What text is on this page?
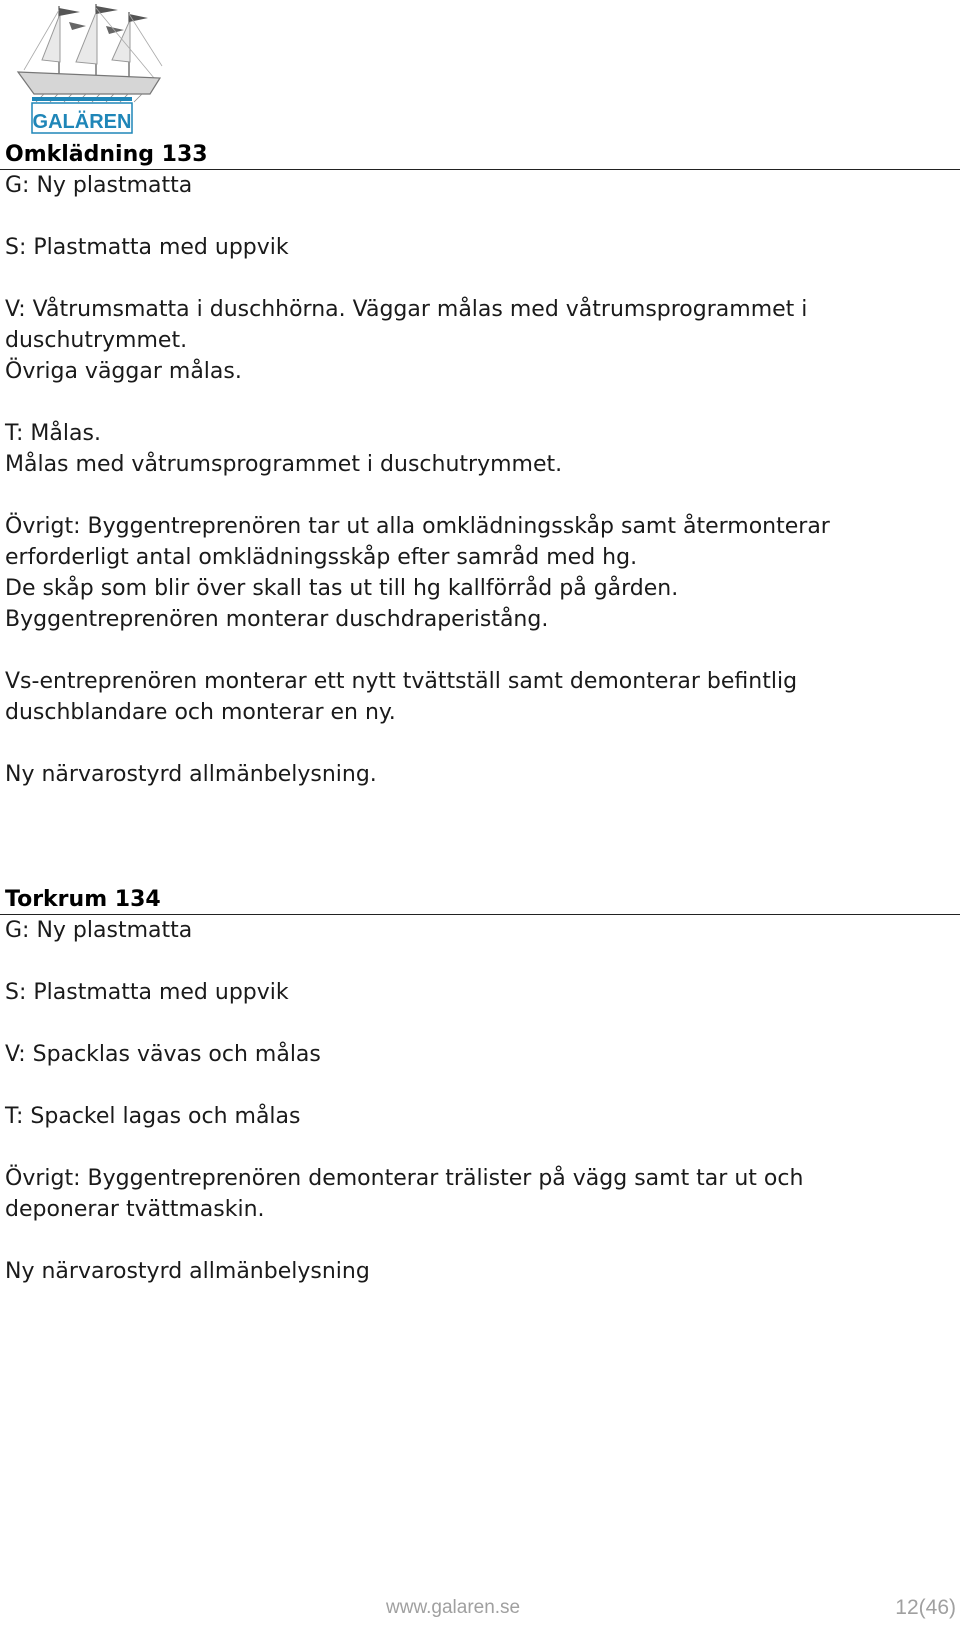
GALÄREN
Omklädning 133

G: Ny plastmatta

S: Plastmatta med uppvik

V: Våtrumsmatta i duschhörna. Väggar målas med våtrumsprogrammet i
duschutrymmet.
Övriga väggar målas.

T: Målas.
Målas med våtrumsprogrammet i duschutrymmet.

Övrigt: Byggentreprenören tar ut alla omklädningsskåp samt återmonterar
erforderligt antal omklädningsskåp efter samråd med hg.
De skåp som blir över skall tas ut till hg kallförråd på gården.
Byggentreprenören monterar duschdraperistång.

Vs-entreprenören monterar ett nytt tvättställ samt demonterar befintlig
duschblandare och monterar en ny.

Ny närvarostyrd allmänbelysning.

Torkrum 134

G: Ny plastmatta

S: Plastmatta med uppvik

V: Spacklas vävas och målas

T: Spackel lagas och målas

Övrigt: Byggentreprenören demonterar trälister på vägg samt tar ut och
deponerar tvättmaskin.

Ny närvarostyrd allmänbelysning

www.galaren.se	12(46)
